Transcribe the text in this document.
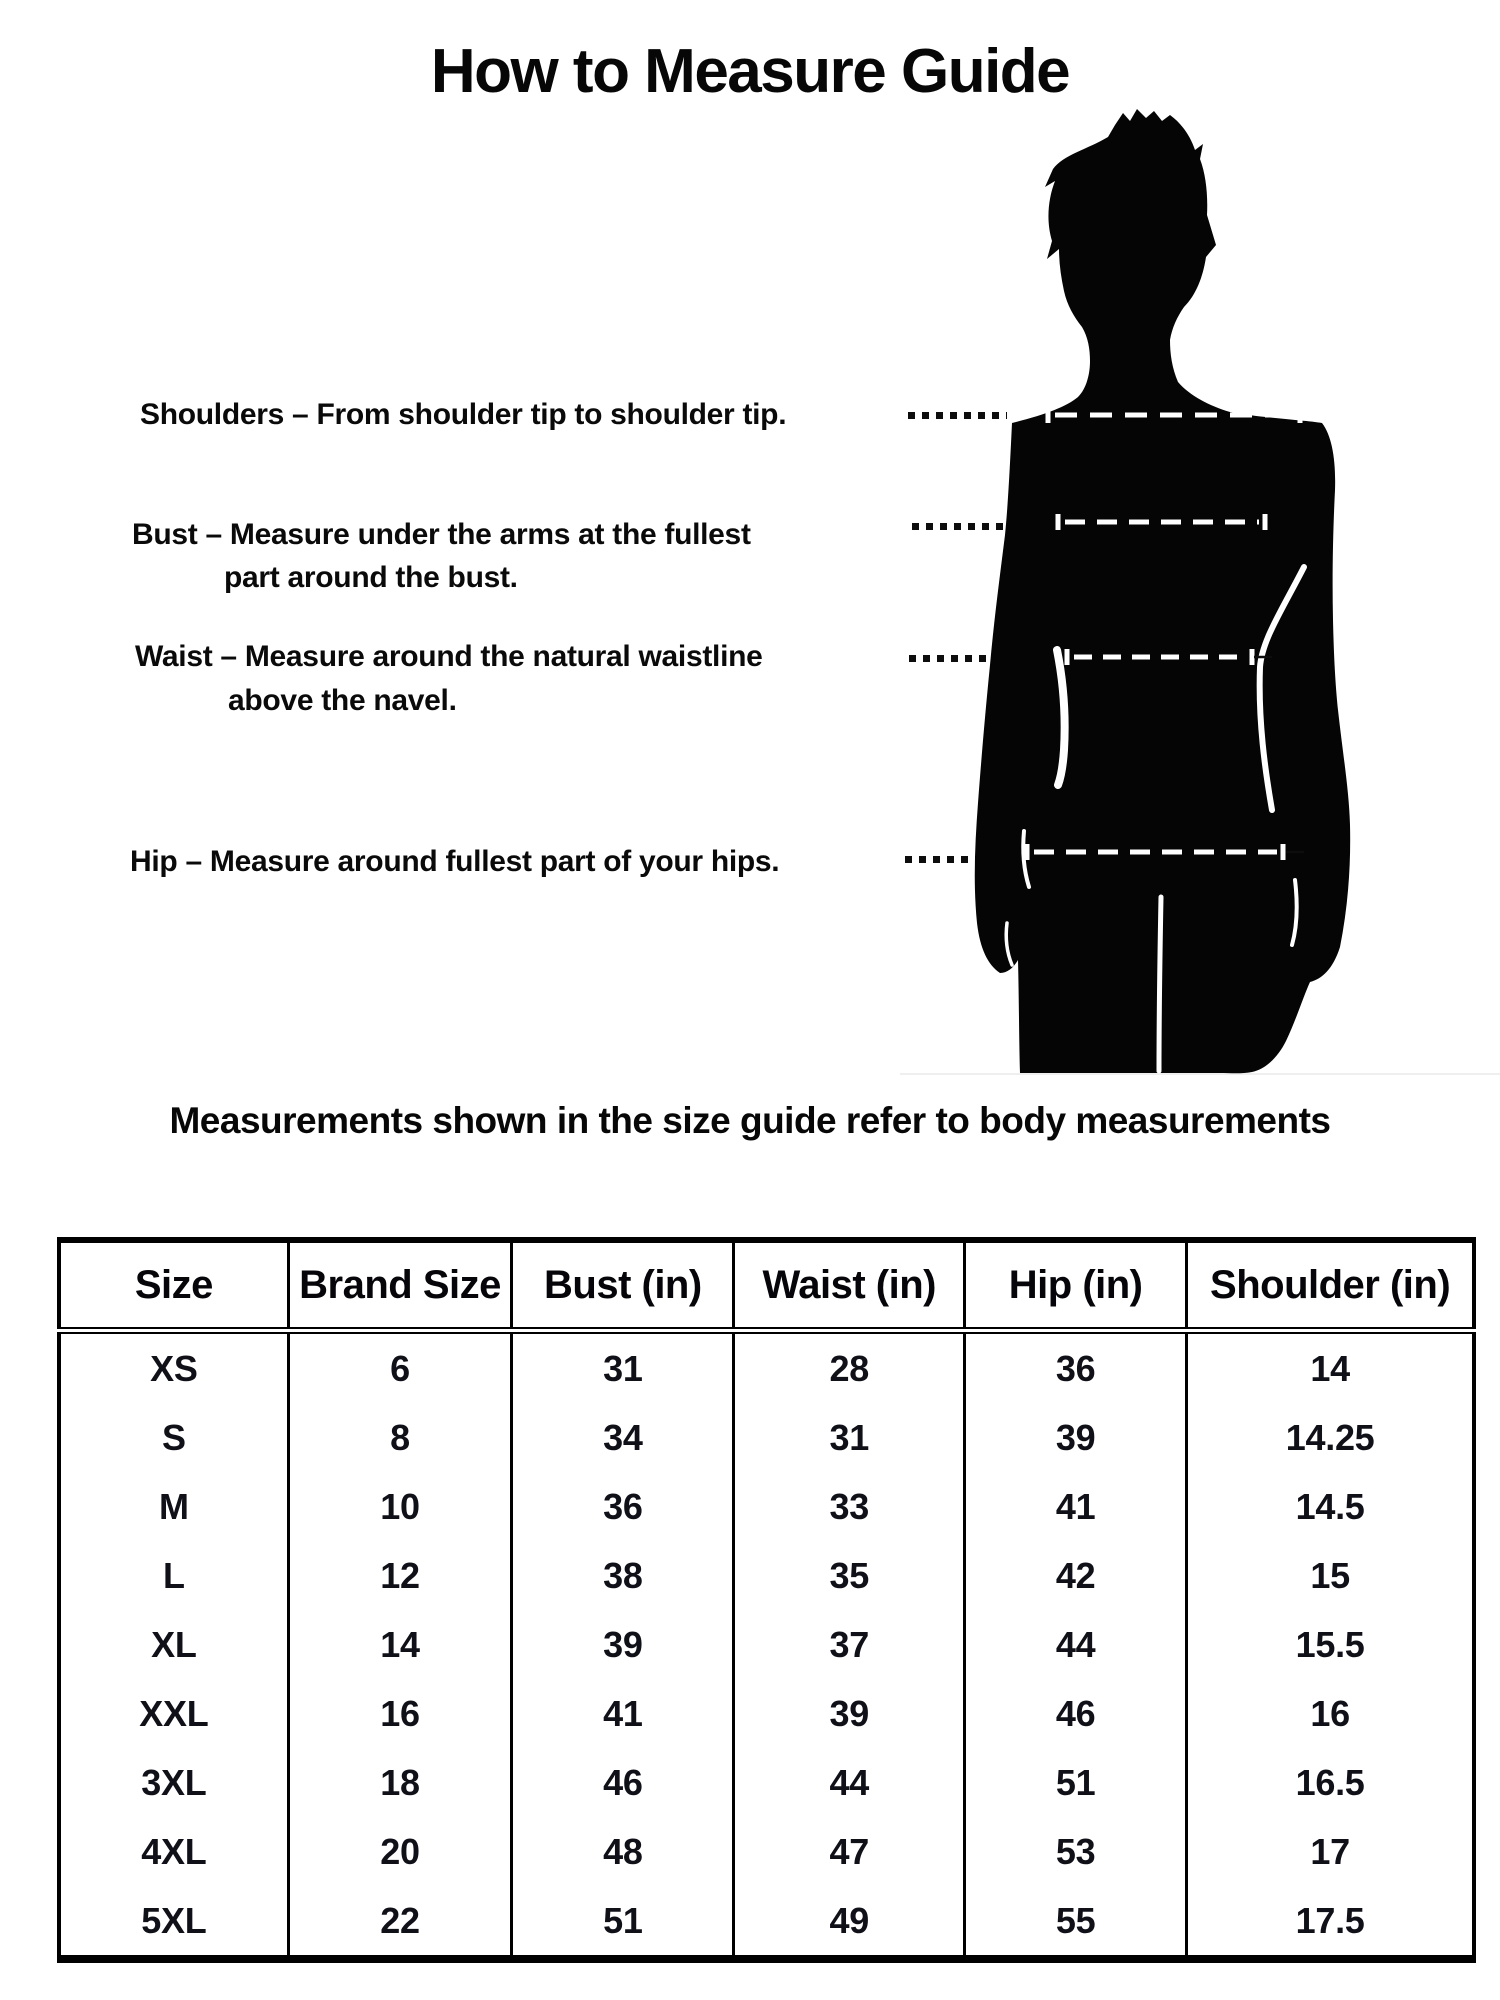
How to Measure Guide
Shoulders – From shoulder tip to shoulder tip.
Bust – Measure under the arms at the fullest
part around the bust.
Waist – Measure around the natural waistline
above the navel.
Hip – Measure around fullest part of your hips.
Measurements shown in the size guide refer to body measurements
Size	Brand Size	Bust (in)	Waist (in)	Hip (in)	Shoulder (in)
XS	6	31	28	36	14
S	8	34	31	39	14.25
M	10	36	33	41	14.5
L	12	38	35	42	15
XL	14	39	37	44	15.5
XXL	16	41	39	46	16
3XL	18	46	44	51	16.5
4XL	20	48	47	53	17
5XL	22	51	49	55	17.5
